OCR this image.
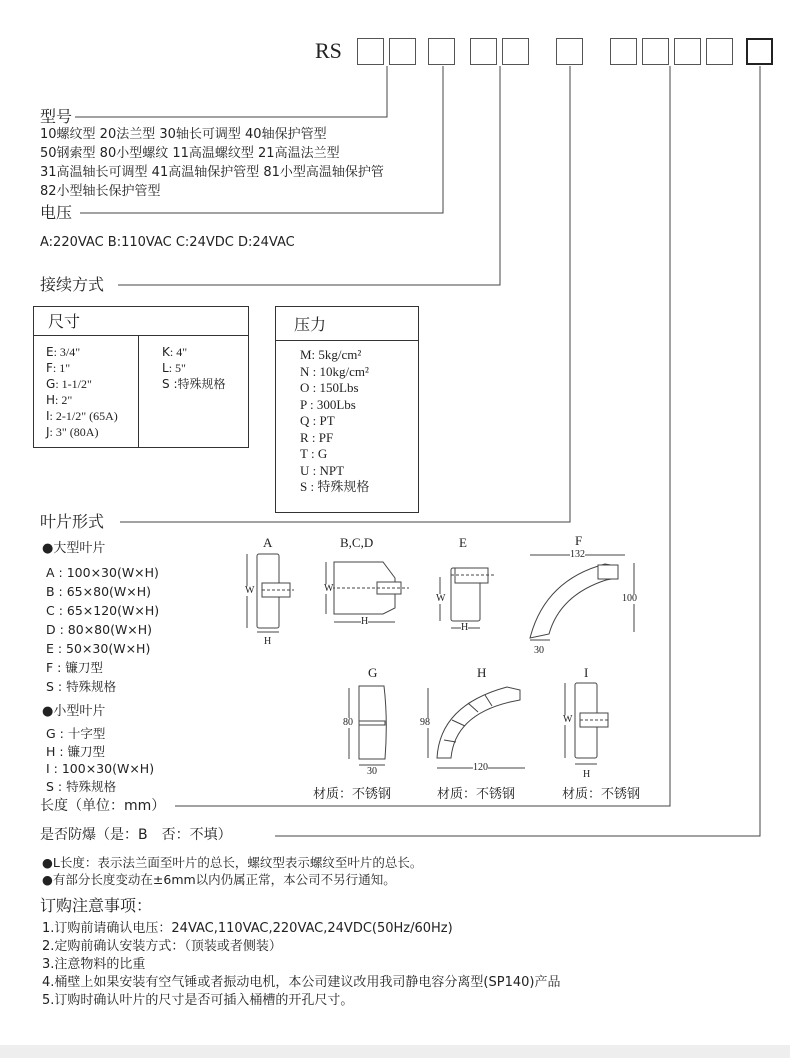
RS
型号
10螺纹型 20法兰型 30轴长可调型 40轴保护管型
50钢索型 80小型螺纹 11高温螺纹型 21高温法兰型
31高温轴长可调型 41高温轴保护管型 81小型高温轴保护管
82小型轴长保护管型
电压
A:220VAC B:110VAC C:24VDC D:24VAC
接续方式
尺寸
E: 3/4"
F: 1"
G: 1-1/2"
H: 2"
I: 2-1/2" (65A)
J: 3" (80A)
K: 4"
L: 5"
S :特殊规格
压力
M: 5kg/cm²
N : 10kg/cm²
O : 150Lbs
P : 300Lbs
Q : PT
R : PF
T : G
U : NPT
S : 特殊规格
叶片形式
●大型叶片
A : 100×30(W×H)
B : 65×80(W×H)
C : 65×120(W×H)
D : 80×80(W×H)
E : 50×30(W×H)
F : 镰刀型
S : 特殊规格
●小型叶片
G : 十字型
H : 镰刀型
I : 100×30(W×H)
S : 特殊规格
A	B,C,D	E	F
G	H	I
W
H
W
H
W
H
132
100
30
80
30
98
120
W
H
材质：不锈钢	材质：不锈钢	材质：不锈钢
长度（单位：mm）
是否防爆（是：B　否：不填）
●L长度：表示法兰面至叶片的总长，螺纹型表示螺纹至叶片的总长。
●有部分长度变动在±6mm以内仍属正常，本公司不另行通知。
订购注意事项：
1.订购前请确认电压：24VAC,110VAC,220VAC,24VDC(50Hz/60Hz)
2.定购前确认安装方式：（顶装或者侧装）
3.注意物料的比重
4.桶壁上如果安装有空气锤或者振动电机，本公司建议改用我司静电容分离型(SP140)产品
5.订购时确认叶片的尺寸是否可插入桶槽的开孔尺寸。
